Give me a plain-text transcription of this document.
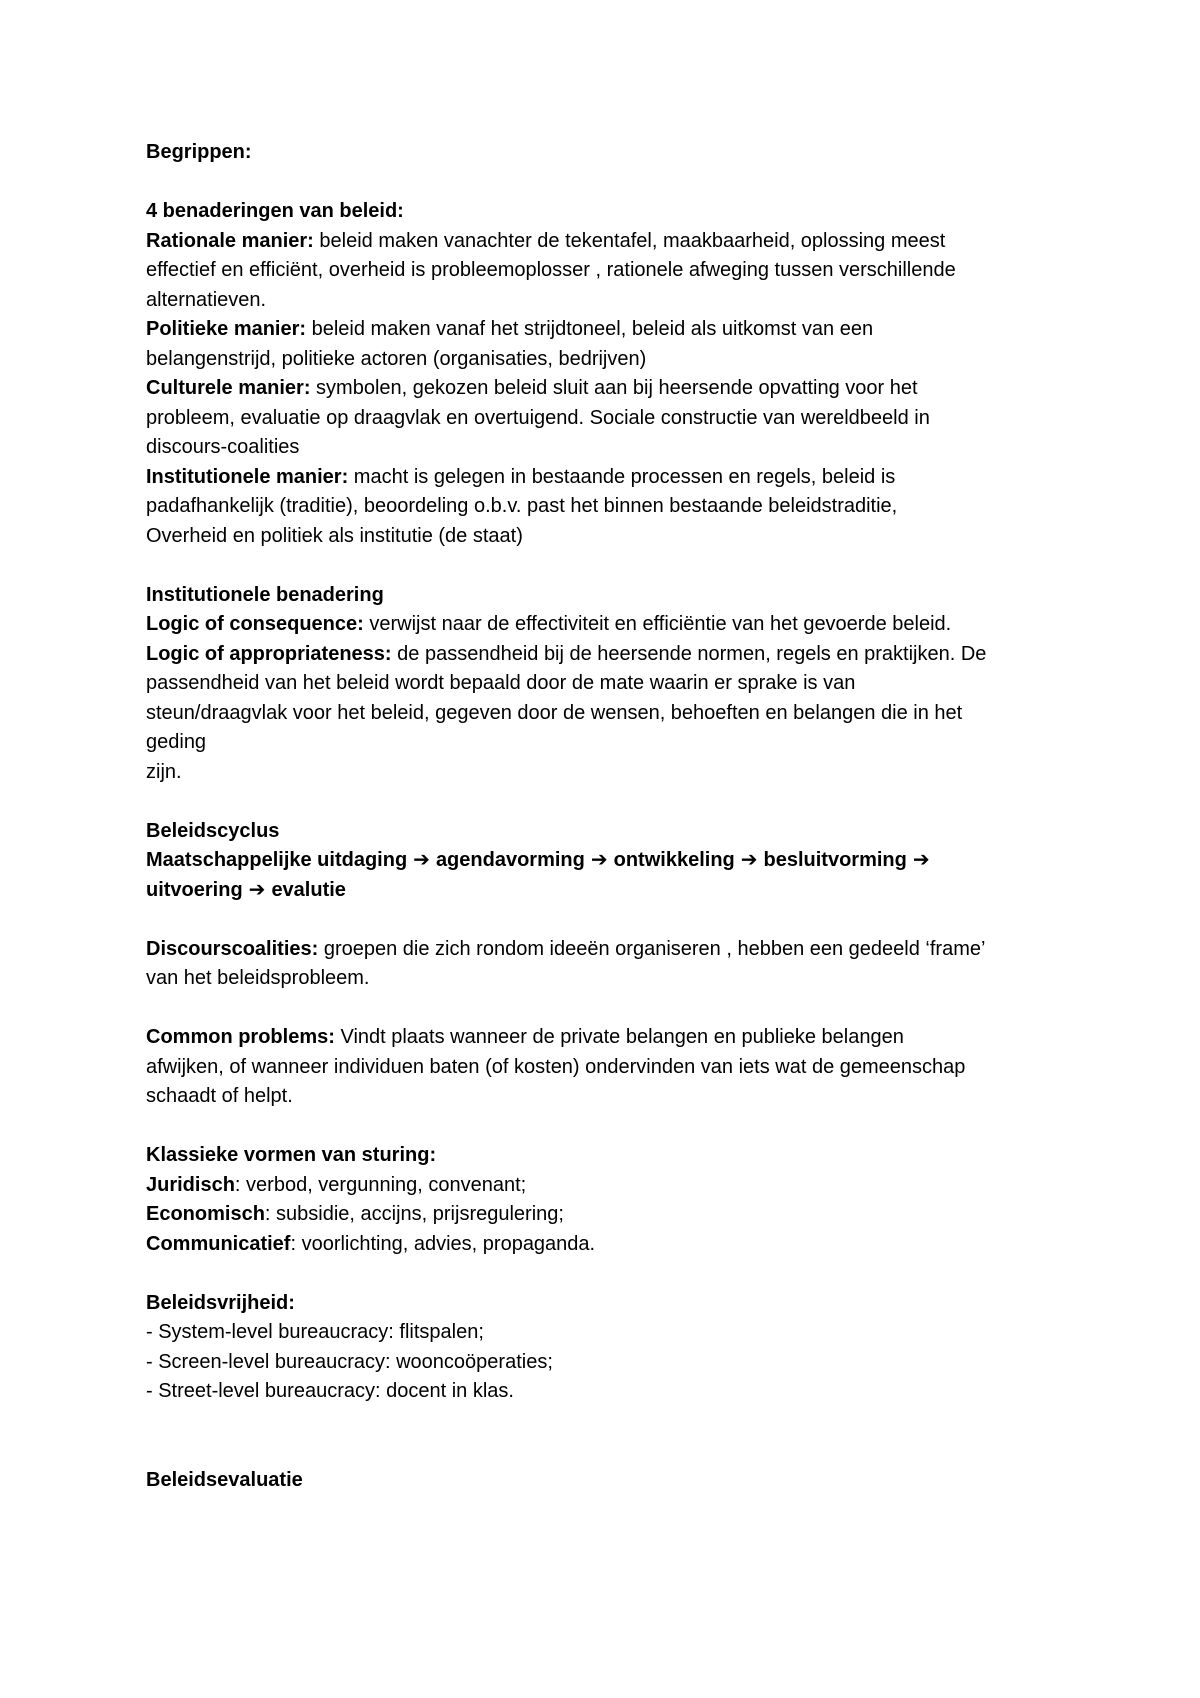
Begrippen:
4 benaderingen van beleid:
Rationale manier: beleid maken vanachter de tekentafel, maakbaarheid, oplossing meest
effectief en efficiënt, overheid is probleemoplosser , rationele afweging tussen verschillende
alternatieven.
Politieke manier: beleid maken vanaf het strijdtoneel, beleid als uitkomst van een
belangenstrijd, politieke actoren (organisaties, bedrijven)
Culturele manier: symbolen, gekozen beleid sluit aan bij heersende opvatting voor het
probleem, evaluatie op draagvlak en overtuigend. Sociale constructie van wereldbeeld in
discours-coalities
Institutionele manier: macht is gelegen in bestaande processen en regels, beleid is
padafhankelijk (traditie), beoordeling o.b.v. past het binnen bestaande beleidstraditie,
Overheid en politiek als institutie (de staat)
Institutionele benadering
Logic of consequence: verwijst naar de effectiviteit en efficiëntie van het gevoerde beleid.
Logic of appropriateness: de passendheid bij de heersende normen, regels en praktijken. De
passendheid van het beleid wordt bepaald door de mate waarin er sprake is van
steun/draagvlak voor het beleid, gegeven door de wensen, behoeften en belangen die in het
geding
zijn.
Beleidscyclus
Maatschappelijke uitdaging ➔ agendavorming ➔ ontwikkeling ➔ besluitvorming ➔
uitvoering ➔ evalutie
Discourscoalities: groepen die zich rondom ideeën organiseren , hebben een gedeeld ‘frame’
van het beleidsprobleem.
Common problems: Vindt plaats wanneer de private belangen en publieke belangen
afwijken, of wanneer individuen baten (of kosten) ondervinden van iets wat de gemeenschap
schaadt of helpt.
Klassieke vormen van sturing:
Juridisch: verbod, vergunning, convenant;
Economisch: subsidie, accijns, prijsregulering;
Communicatief: voorlichting, advies, propaganda.
Beleidsvrijheid:
- System-level bureaucracy: flitspalen;
- Screen-level bureaucracy: wooncoöperaties;
- Street-level bureaucracy: docent in klas.
Beleidsevaluatie
